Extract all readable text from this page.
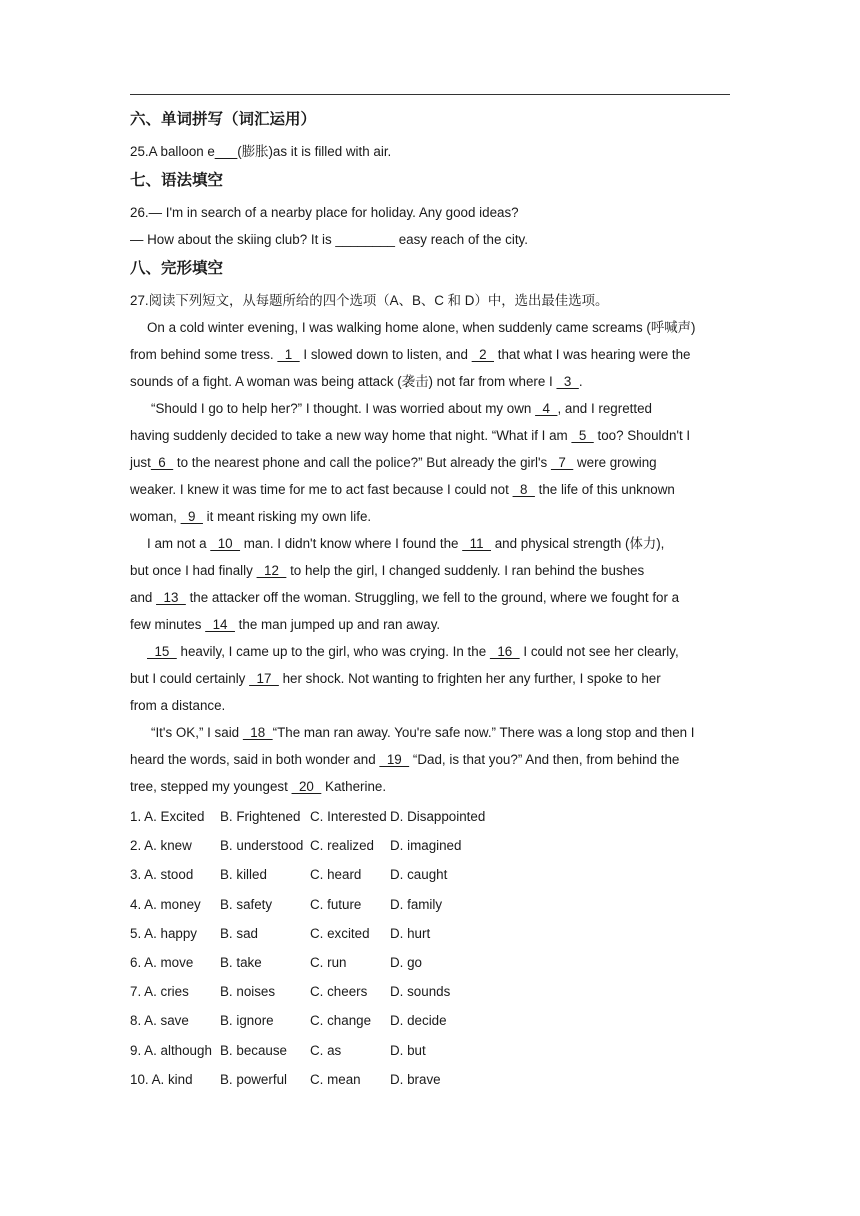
六、单词拼写（词汇运用）

25.A balloon e___(膨胀)as it is filled with air.

七、语法填空

26.— I'm in search of a nearby place for holiday. Any good ideas?

— How about the skiing club? It is ________ easy reach of the city.

八、完形填空

27.阅读下列短文，从每题所给的四个选项（A、B、C 和 D）中，选出最佳选项。

On a cold winter evening, I was walking home alone, when suddenly came screams (呼喊声)

from behind some tress.   1   I slowed down to listen, and   2   that what I was hearing were the

sounds of a fight. A woman was being attack (袭击) not far from where I   3  .

“Should I go to help her?” I thought. I was worried about my own   4  , and I regretted

having suddenly decided to take a new way home that night. “What if I am   5   too? Shouldn't I

just  6   to the nearest phone and call the police?” But already the girl's   7   were growing

weaker. I knew it was time for me to act fast because I could not   8   the life of this unknown

woman,   9   it meant risking my own life.

I am not a   10   man. I didn't know where I found the   11   and physical strength (体力),

but once I had finally   12   to help the girl, I changed suddenly. I ran behind the bushes

and   13   the attacker off the woman. Struggling, we fell to the ground, where we fought for a

few minutes   14   the man jumped up and ran away.

15   heavily, I came up to the girl, who was crying. In the   16   I could not see her clearly,

but I could certainly   17   her shock. Not wanting to frighten her any further, I spoke to her

from a distance.

“It's OK,” I said   18  “The man ran away. You're safe now.” There was a long stop and then I

heard the words, said in both wonder and   19   “Dad, is that you?” And then, from behind the

tree, stepped my youngest   20   Katherine.

1. A. Excited	B. Frightened C. Interested D. Disappointed
2. A. knew	B. understood C. realized	D. imagined
3. A. stood	B. killed	C. heard	D. caught
4. A. money	B. safety	C. future	D. family
5. A. happy	B. sad	C. excited	D. hurt
6. A. move	B. take	C. run	D. go
7. A. cries	B. noises	C. cheers	D. sounds
8. A. save	B. ignore	C. change	D. decide
9. A. although B. because	C. as	D. but
10. A. kind	B. powerful	C. mean	D. brave
